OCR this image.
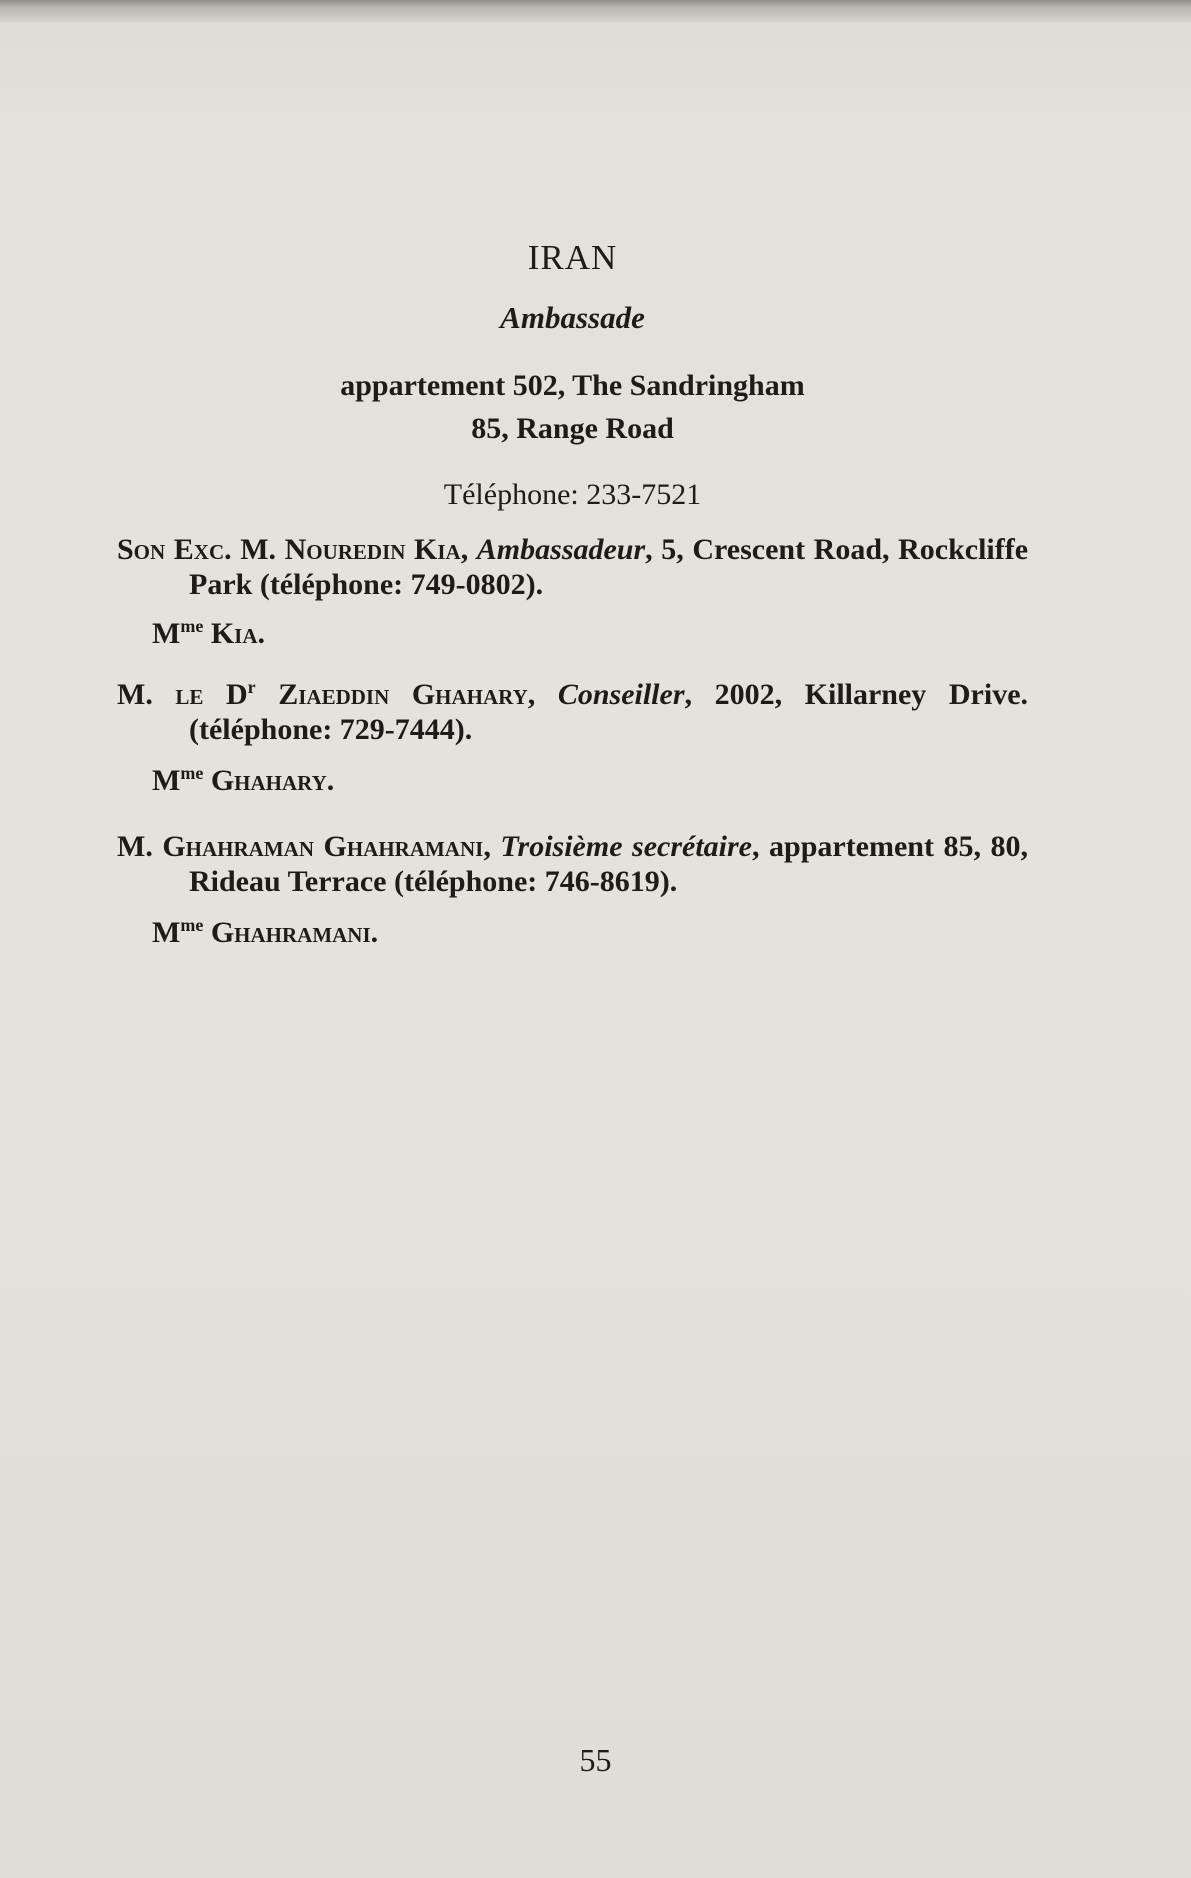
IRAN
Ambassade
appartement 502, The Sandringham
85, Range Road
Téléphone: 233-7521
Son Exc. M. Nouredin Kia, Ambassadeur, 5, Crescent Road, Rockcliffe Park (téléphone: 749-0802).
$M^{me}$ Kia.
M. le $D^r$ Ziaeddin Ghahary, Conseiller, 2002, Killarney Drive. (téléphone: 729-7444).
$M^{me}$ Ghahary.
M. Ghahraman Ghahramani, Troisième secrétaire, appartement 85, 80, Rideau Terrace (téléphone: 746-8619).
$M^{me}$ Ghahramani.
55
